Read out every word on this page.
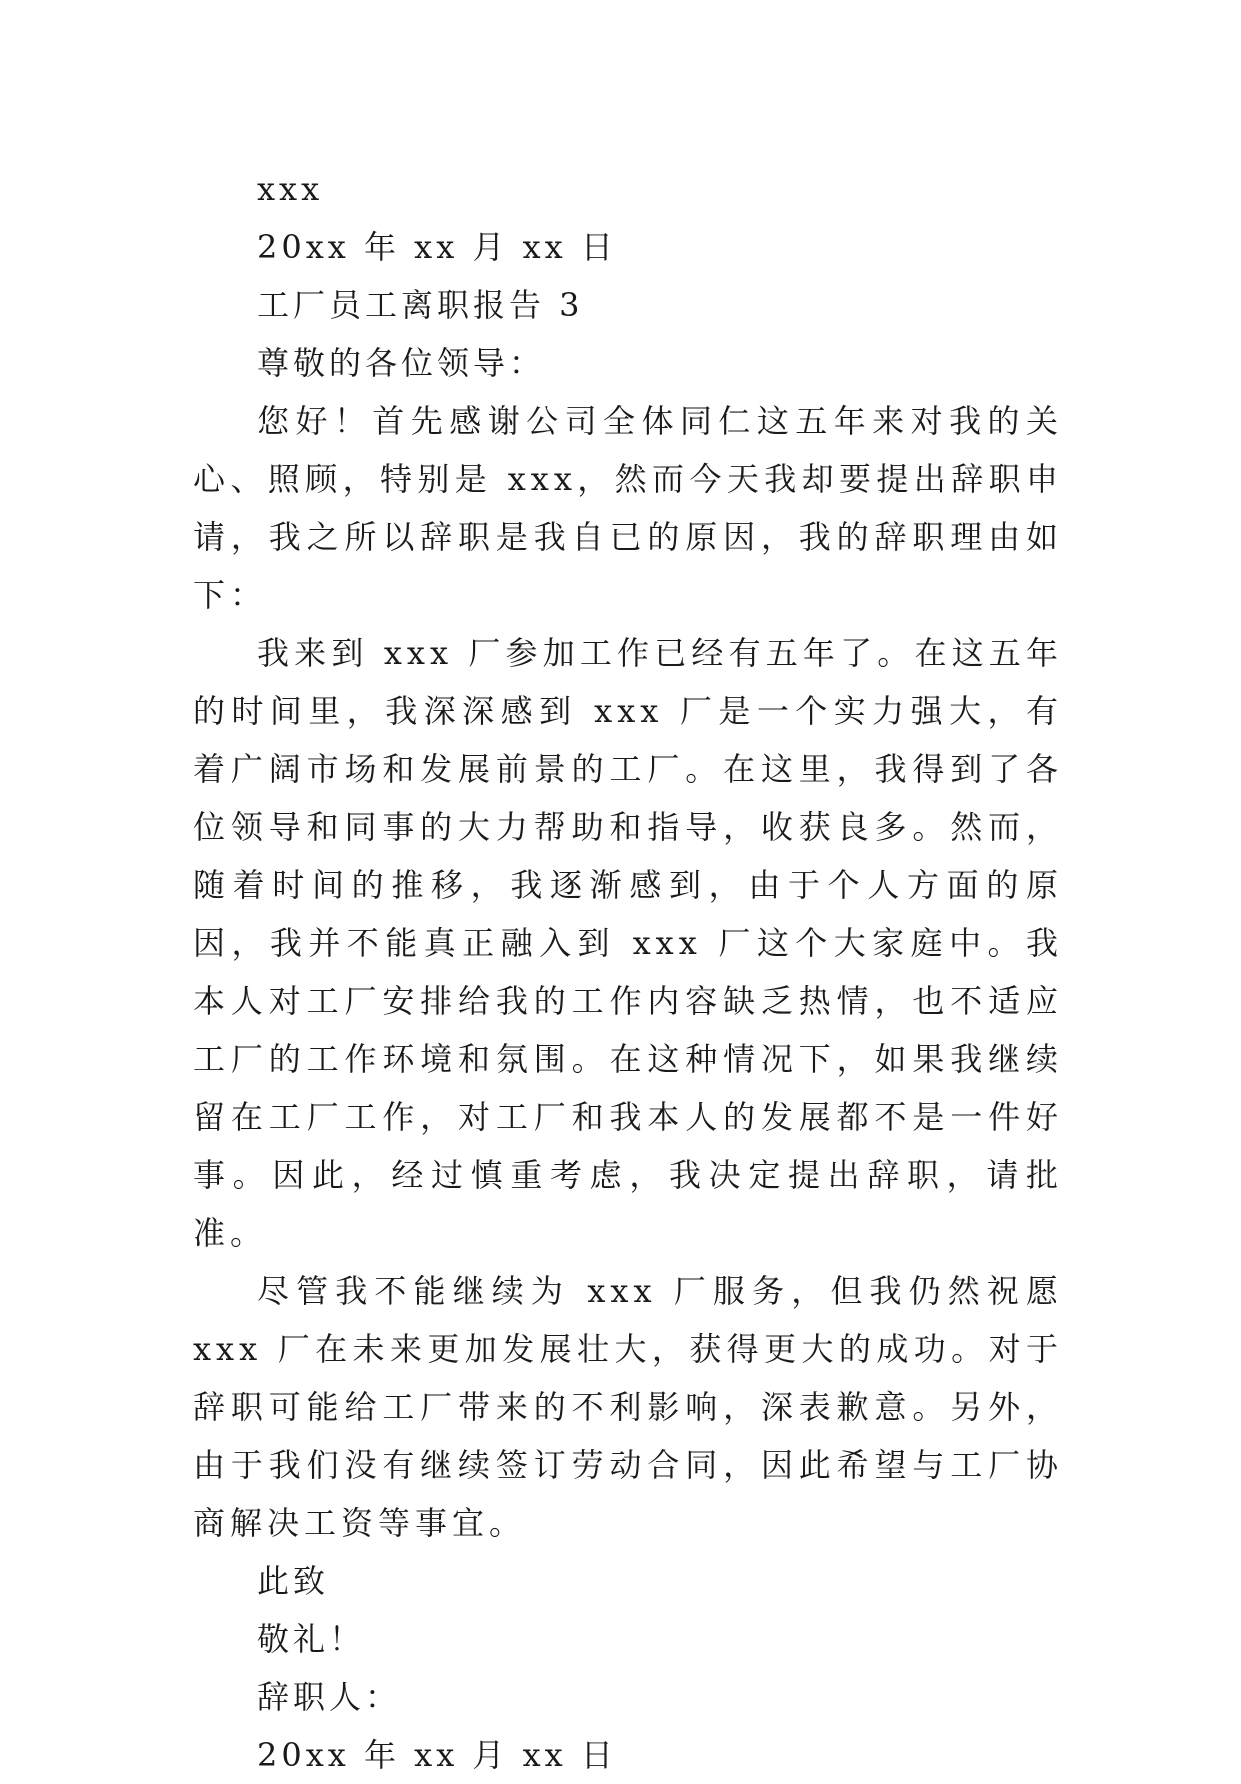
xxx

20xx 年 xx 月 xx 日

工厂员工离职报告 3

尊敬的各位领导：

您好！首先感谢公司全体同仁这五年来对我的关心、照顾，特别是 xxx，然而今天我却要提出辞职申请，我之所以辞职是我自已的原因，我的辞职理由如下：

我来到 xxx 厂参加工作已经有五年了。在这五年的时间里，我深深感到 xxx 厂是一个实力强大，有着广阔市场和发展前景的工厂。在这里，我得到了各位领导和同事的大力帮助和指导，收获良多。然而，随着时间的推移，我逐渐感到，由于个人方面的原因，我并不能真正融入到 xxx 厂这个大家庭中。我本人对工厂安排给我的工作内容缺乏热情，也不适应工厂的工作环境和氛围。在这种情况下，如果我继续留在工厂工作，对工厂和我本人的发展都不是一件好事。因此，经过慎重考虑，我决定提出辞职，请批准。

尽管我不能继续为 xxx 厂服务，但我仍然祝愿 xxx 厂在未来更加发展壮大，获得更大的成功。对于辞职可能给工厂带来的不利影响，深表歉意。另外，由于我们没有继续签订劳动合同，因此希望与工厂协商解决工资等事宜。

此致

敬礼！

辞职人：

20xx 年 xx 月 xx 日
